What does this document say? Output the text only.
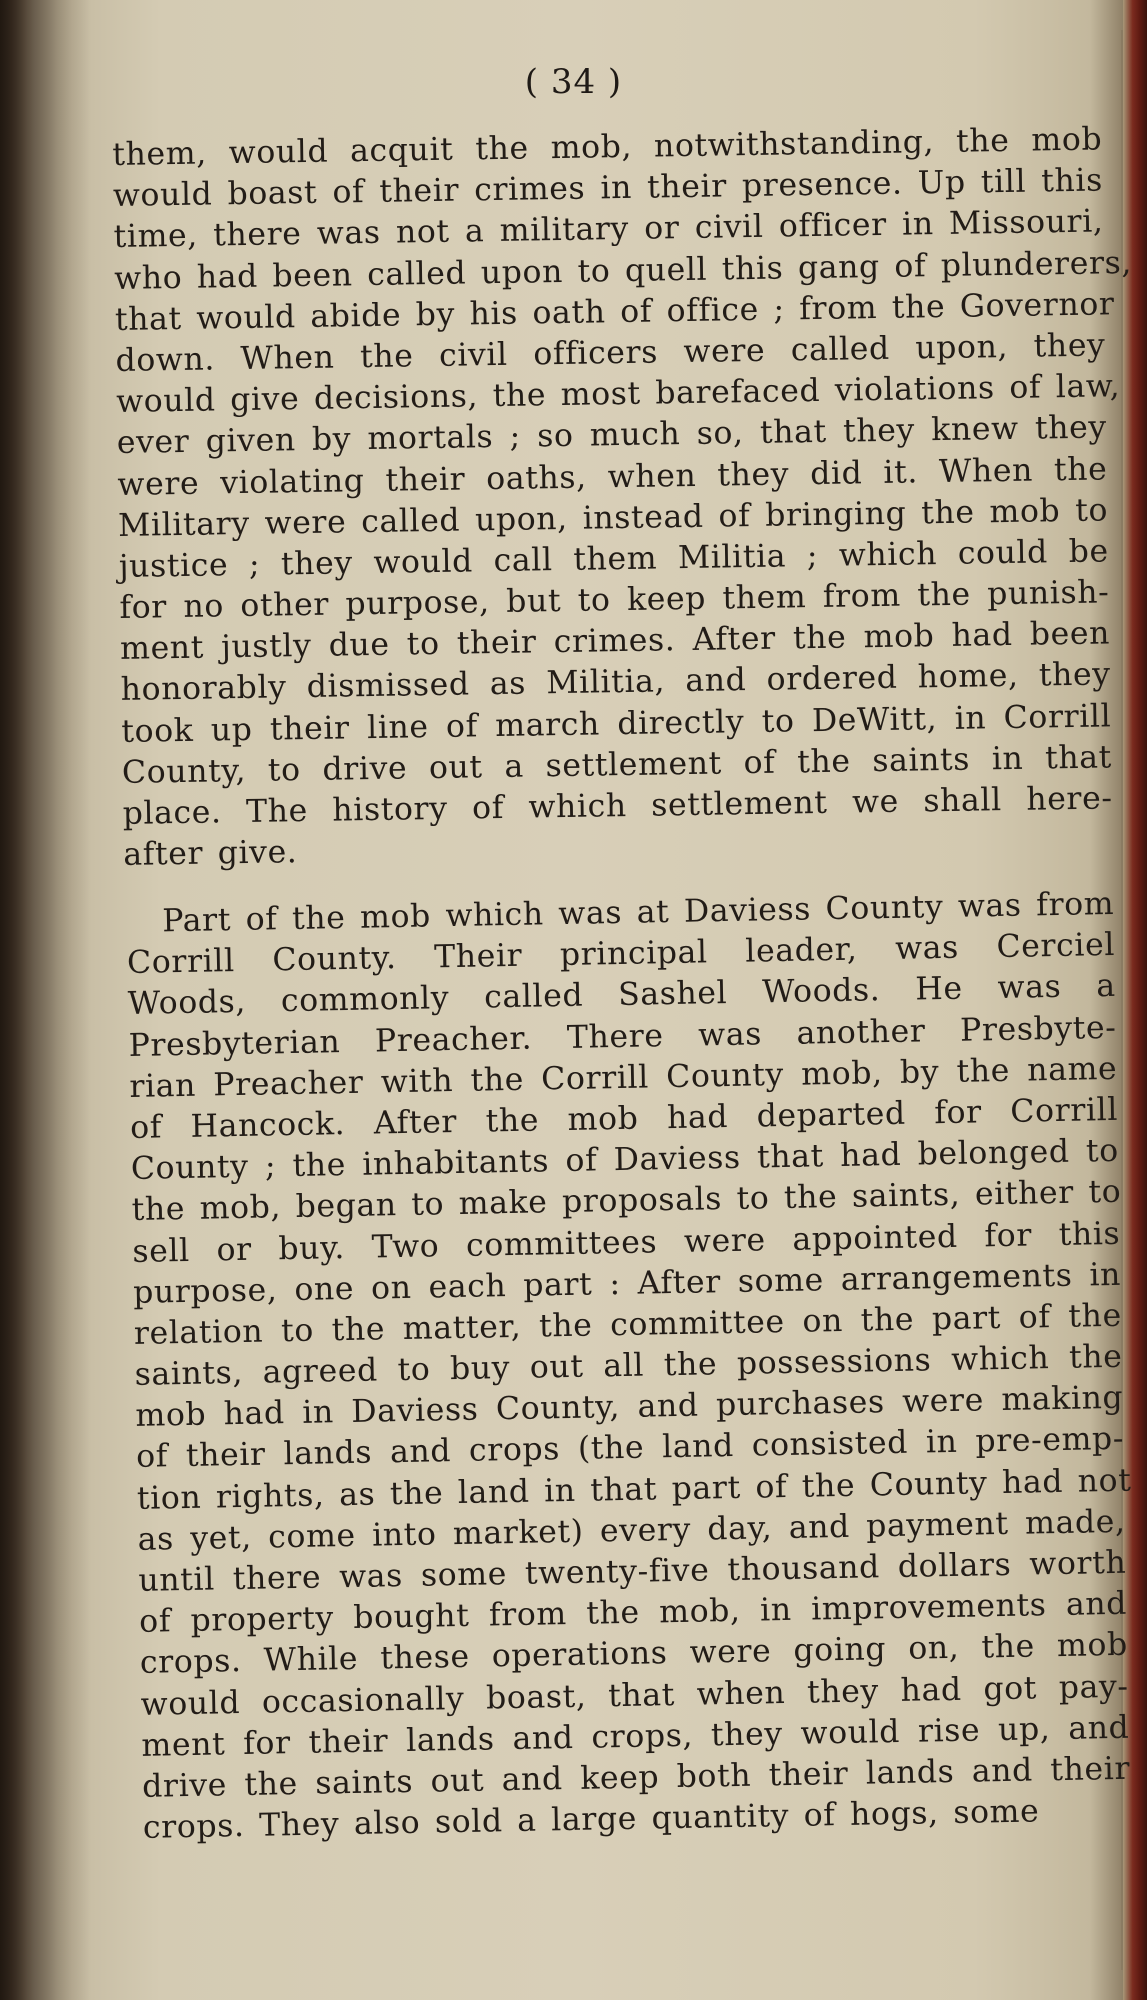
( 34 )
them, would acquit the mob, notwithstanding, the mob
would boast of their crimes in their presence. Up till this
time, there was not a military or civil officer in Missouri,
who had been called upon to quell this gang of plunderers,
that would abide by his oath of office ; from the Governor
down. When the civil officers were called upon, they
would give decisions, the most barefaced violations of law,
ever given by mortals ; so much so, that they knew they
were violating their oaths, when they did it. When the
Military were called upon, instead of bringing the mob to
justice ; they would call them Militia ; which could be
for no other purpose, but to keep them from the punish-
ment justly due to their crimes. After the mob had been
honorably dismissed as Militia, and ordered home, they
took up their line of march directly to DeWitt, in Corrill
County, to drive out a settlement of the saints in that
place. The history of which settlement we shall here-
after give.
Part of the mob which was at Daviess County was from
Corrill County. Their principal leader, was Cerciel
Woods, commonly called Sashel Woods. He was a
Presbyterian Preacher. There was another Presbyte-
rian Preacher with the Corrill County mob, by the name
of Hancock. After the mob had departed for Corrill
County ; the inhabitants of Daviess that had belonged to
the mob, began to make proposals to the saints, either to
sell or buy. Two committees were appointed for this
purpose, one on each part : After some arrangements in
relation to the matter, the committee on the part of the
saints, agreed to buy out all the possessions which the
mob had in Daviess County, and purchases were making
of their lands and crops (the land consisted in pre-emp-
tion rights, as the land in that part of the County had not
as yet, come into market) every day, and payment made,
until there was some twenty-five thousand dollars worth
of property bought from the mob, in improvements and
crops. While these operations were going on, the mob
would occasionally boast, that when they had got pay-
ment for their lands and crops, they would rise up, and
drive the saints out and keep both their lands and their
crops. They also sold a large quantity of hogs, some
